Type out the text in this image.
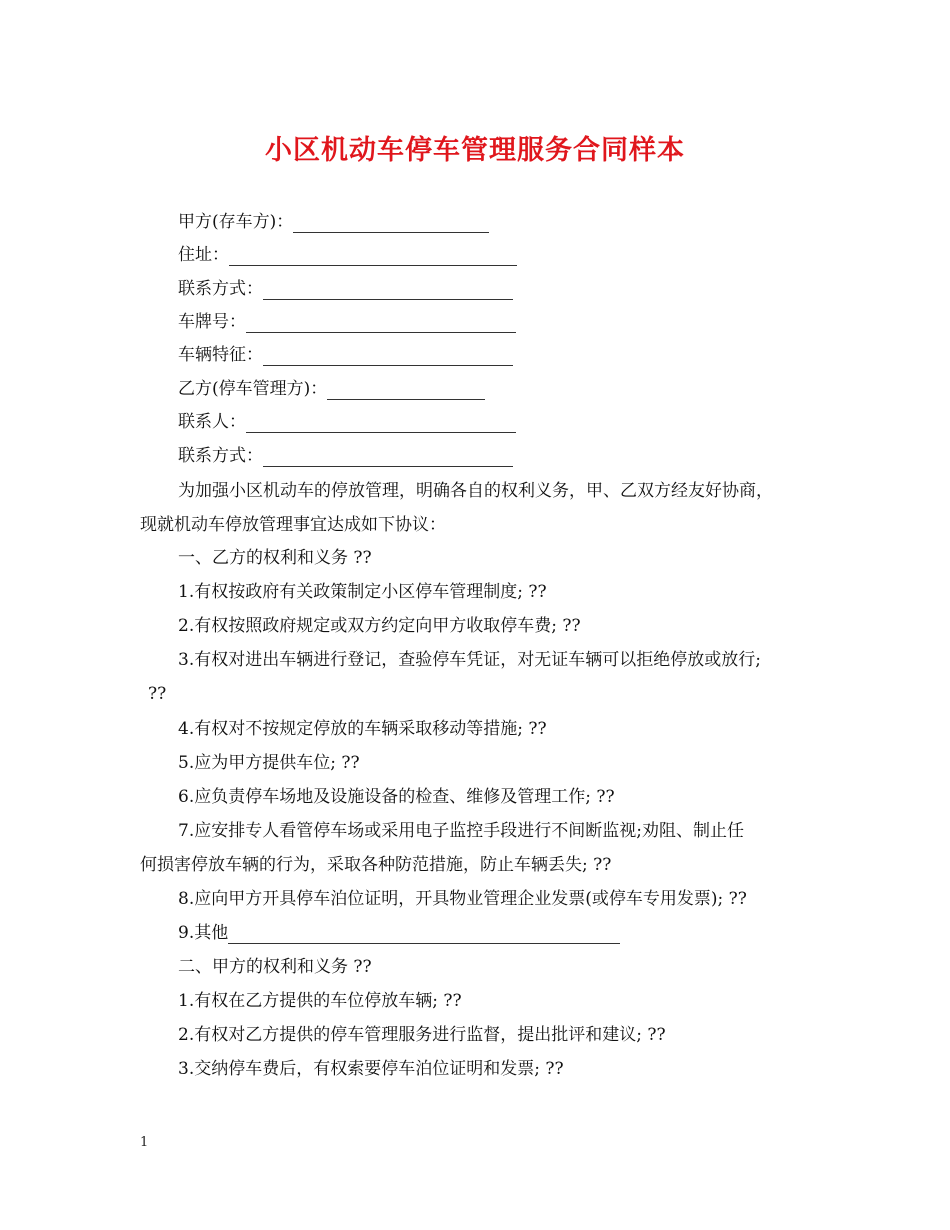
小区机动车停车管理服务合同样本
甲方(存车方)：
住址：
联系方式：
车牌号：
车辆特征：
乙方(停车管理方)：
联系人：
联系方式：
为加强小区机动车的停放管理，明确各自的权利义务，甲、乙双方经友好协商，
现就机动车停放管理事宜达成如下协议：
一、乙方的权利和义务 ??
1.有权按政府有关政策制定小区停车管理制度; ??
2.有权按照政府规定或双方约定向甲方收取停车费; ??
3.有权对进出车辆进行登记，查验停车凭证，对无证车辆可以拒绝停放或放行;
??
4.有权对不按规定停放的车辆采取移动等措施; ??
5.应为甲方提供车位; ??
6.应负责停车场地及设施设备的检查、维修及管理工作; ??
7.应安排专人看管停车场或采用电子监控手段进行不间断监视;劝阻、制止任
何损害停放车辆的行为，采取各种防范措施，防止车辆丢失; ??
8.应向甲方开具停车泊位证明，开具物业管理企业发票(或停车专用发票); ??
9.其他
二、甲方的权利和义务 ??
1.有权在乙方提供的车位停放车辆; ??
2.有权对乙方提供的停车管理服务进行监督，提出批评和建议; ??
3.交纳停车费后，有权索要停车泊位证明和发票; ??
1
